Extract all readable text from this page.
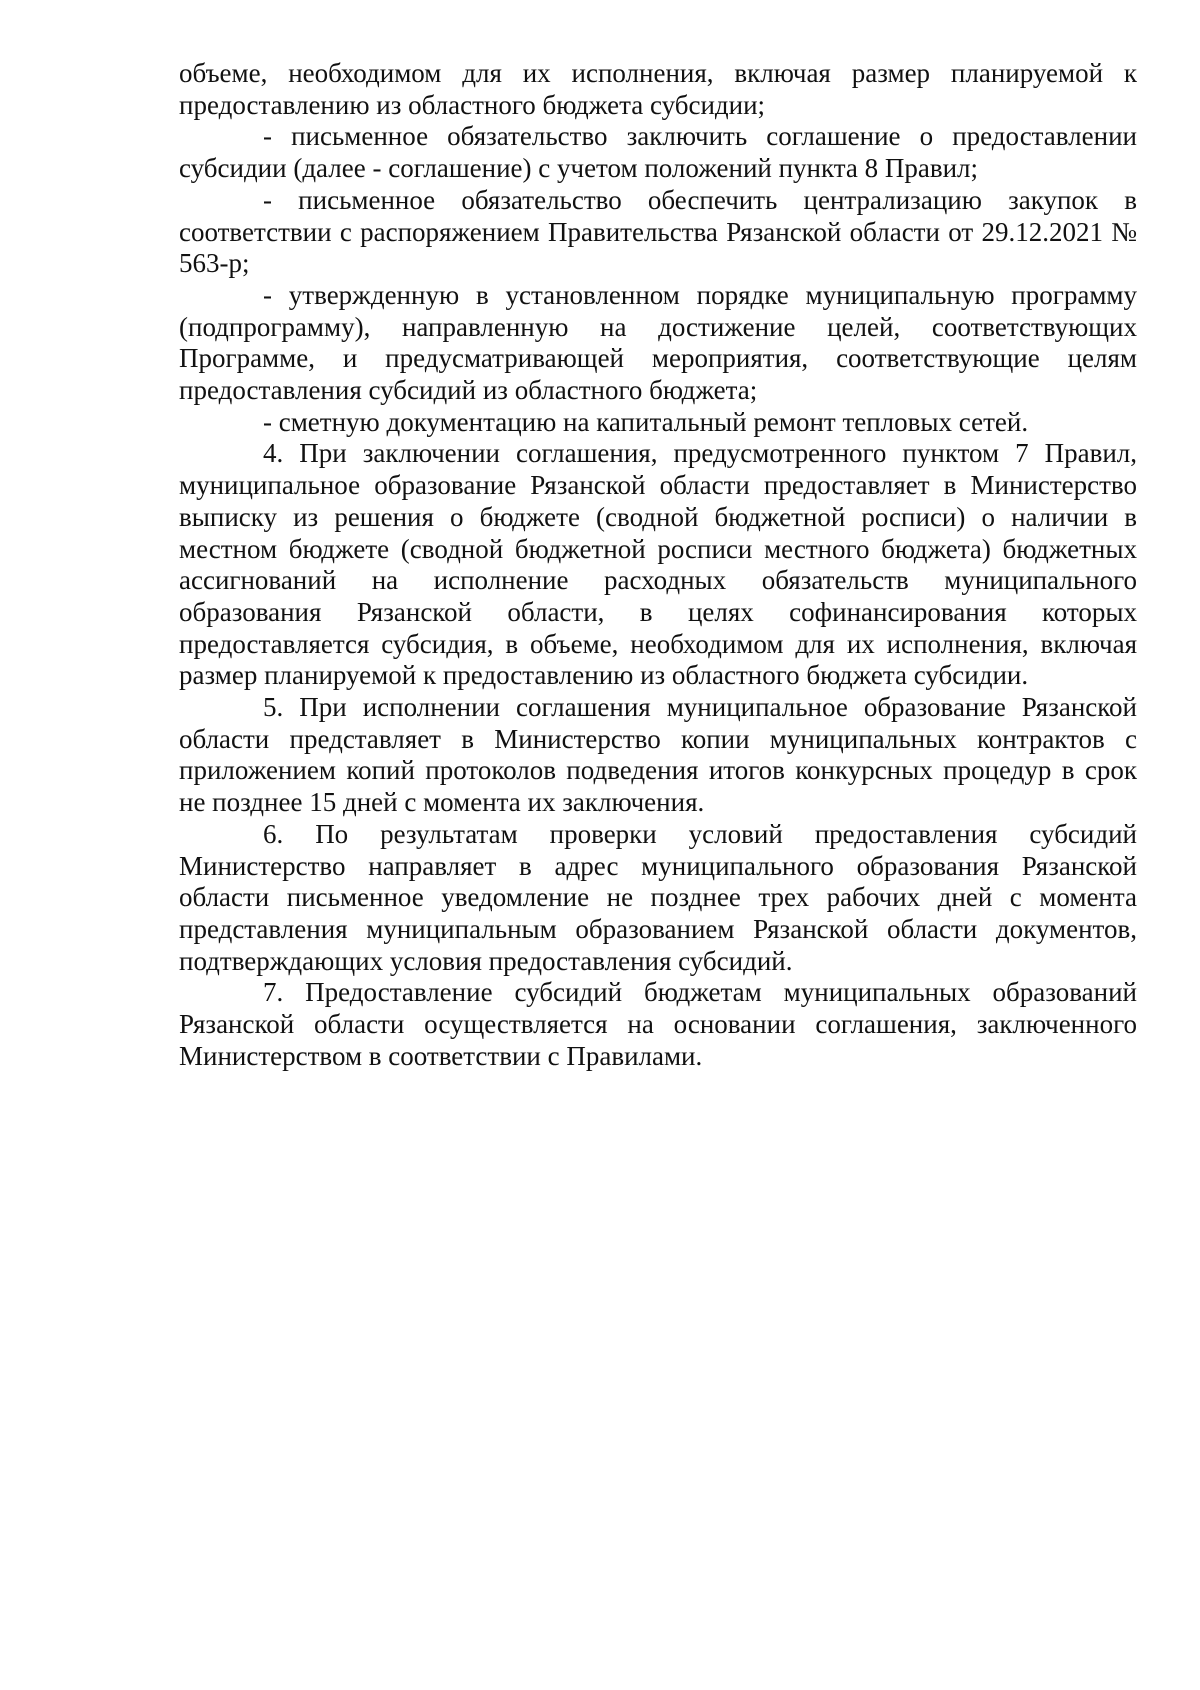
объеме, необходимом для их исполнения, включая размер планируемой к предоставлению из областного бюджета субсидии;

- письменное обязательство заключить соглашение о предоставлении субсидии (далее - соглашение) с учетом положений пункта 8 Правил;

- письменное обязательство обеспечить централизацию закупок в соответствии с распоряжением Правительства Рязанской области от 29.12.2021 № 563-р;

- утвержденную в установленном порядке муниципальную программу (подпрограмму), направленную на достижение целей, соответствующих Программе, и предусматривающей мероприятия, соответствующие целям предоставления субсидий из областного бюджета;

- сметную документацию на капитальный ремонт тепловых сетей.

4. При заключении соглашения, предусмотренного пунктом 7 Правил, муниципальное образование Рязанской области предоставляет в Министерство выписку из решения о бюджете (сводной бюджетной росписи) о наличии в местном бюджете (сводной бюджетной росписи местного бюджета) бюджетных ассигнований на исполнение расходных обязательств муниципального образования Рязанской области, в целях софинансирования которых предоставляется субсидия, в объеме, необходимом для их исполнения, включая размер планируемой к предоставлению из областного бюджета субсидии.

5. При исполнении соглашения муниципальное образование Рязанской области представляет в Министерство копии муниципальных контрактов с приложением копий протоколов подведения итогов конкурсных процедур в срок не позднее 15 дней с момента их заключения.

6. По результатам проверки условий предоставления субсидий Министерство направляет в адрес муниципального образования Рязанской области письменное уведомление не позднее трех рабочих дней с момента представления муниципальным образованием Рязанской области документов, подтверждающих условия предоставления субсидий.

7. Предоставление субсидий бюджетам муниципальных образований Рязанской области осуществляется на основании соглашения, заключенного Министерством в соответствии с Правилами.
